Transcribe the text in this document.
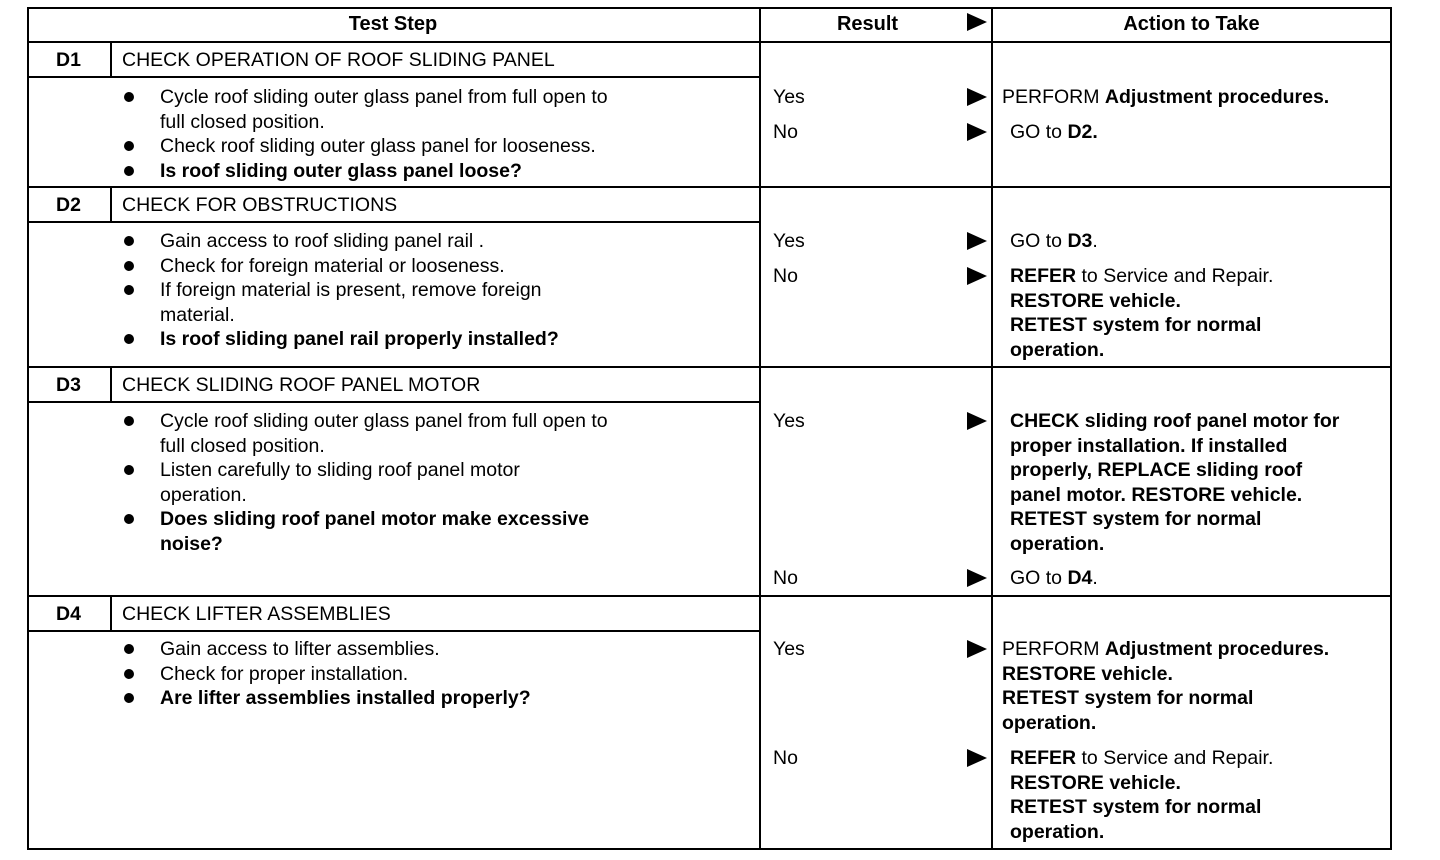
Test Step	Result	Action to Take
D1	CHECK OPERATION OF ROOF SLIDING PANEL
Cycle roof sliding outer glass panel from full open to
full closed position.
Check roof sliding outer glass panel for looseness.
Is roof sliding outer glass panel loose?
Yes	PERFORM Adjustment procedures.
No	GO to D2.
D2	CHECK FOR OBSTRUCTIONS
Gain access to roof sliding panel rail .
Check for foreign material or looseness.
If foreign material is present, remove foreign
material.
Is roof sliding panel rail properly installed?
Yes	GO to D3.
No	REFER to Service and Repair.
RESTORE vehicle.
RETEST system for normal
operation.
D3	CHECK SLIDING ROOF PANEL MOTOR
Cycle roof sliding outer glass panel from full open to
full closed position.
Listen carefully to sliding roof panel motor
operation.
Does sliding roof panel motor make excessive
noise?
Yes	CHECK sliding roof panel motor for
proper installation. If installed
properly, REPLACE sliding roof
panel motor. RESTORE vehicle.
RETEST system for normal
operation.
No	GO to D4.
D4	CHECK LIFTER ASSEMBLIES
Gain access to lifter assemblies.
Check for proper installation.
Are lifter assemblies installed properly?
Yes	PERFORM Adjustment procedures.
RESTORE vehicle.
RETEST system for normal
operation.
No	REFER to Service and Repair.
RESTORE vehicle.
RETEST system for normal
operation.
